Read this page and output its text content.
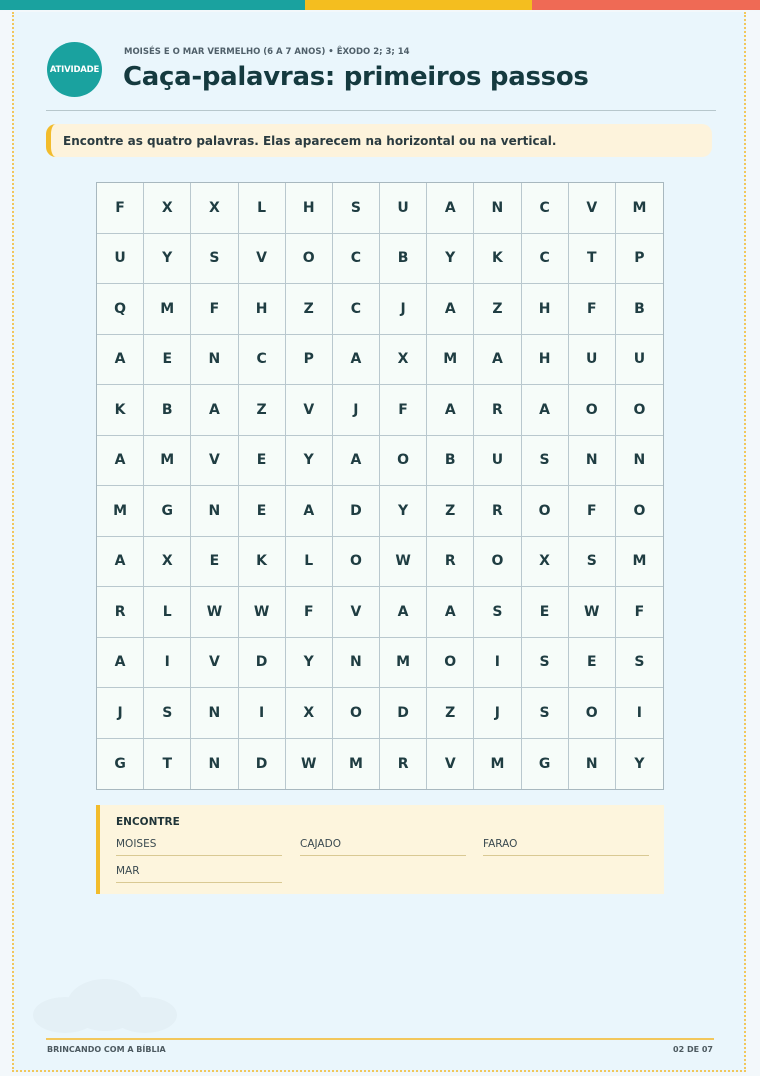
ATIVIDADE
MOISÉS E O MAR VERMELHO (6 A 7 ANOS) • ÊXODO 2; 3; 14
Caça-palavras: primeiros passos
Encontre as quatro palavras. Elas aparecem na horizontal ou na vertical.
F	X	X	L	H	S	U	A	N	C	V	M
U	Y	S	V	O	C	B	Y	K	C	T	P
Q	M	F	H	Z	C	J	A	Z	H	F	B
A	E	N	C	P	A	X	M	A	H	U	U
K	B	A	Z	V	J	F	A	R	A	O	O
A	M	V	E	Y	A	O	B	U	S	N	N
M	G	N	E	A	D	Y	Z	R	O	F	O
A	X	E	K	L	O	W	R	O	X	S	M
R	L	W	W	F	V	A	A	S	E	W	F
A	I	V	D	Y	N	M	O	I	S	E	S
J	S	N	I	X	O	D	Z	J	S	O	I
G	T	N	D	W	M	R	V	M	G	N	Y
ENCONTRE
MOISES	CAJADO	FARAO
MAR
BRINCANDO COM A BÍBLIA	02 DE 07
